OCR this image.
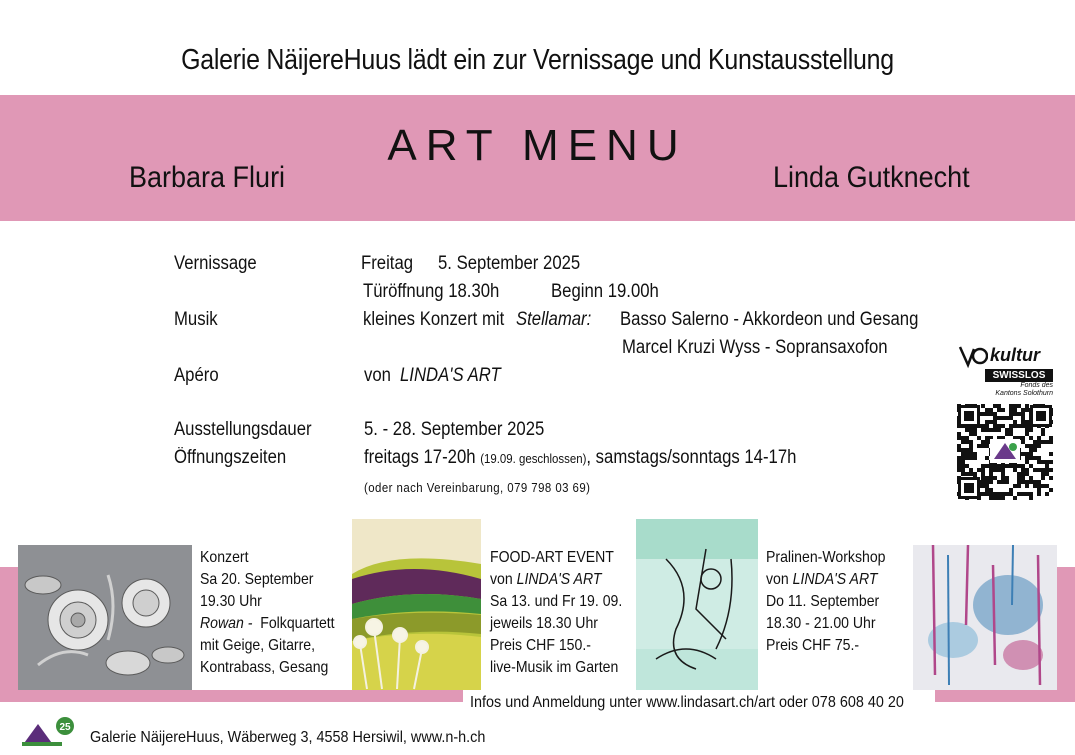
Galerie NäijereHuus lädt ein zur Vernissage und Kunstausstellung
ART MENU
Barbara Fluri	Linda Gutknecht
Vernissage	Freitag 5. September 2025
Türöffnung 18.30h	Beginn 19.00h
Musik	kleines Konzert mit Stellamar: Basso Salerno - Akkordeon und Gesang
Marcel Kruzi Wyss - Sopransaxofon
Apéro	von LINDA'S ART
Ausstellungsdauer	5. - 28. September 2025
Öffnungszeiten	freitags 17-20h (19.09. geschlossen), samstags/sonntags 14-17h
(oder nach Vereinbarung, 079 798 03 69)
kultur
SWISSLOS
Fonds des
Kantons Solothurn
Konzert
Sa 20. September
19.30 Uhr
Rowan - Folkquartett
mit Geige, Gitarre,
Kontrabass, Gesang
FOOD-ART EVENT
von LINDA'S ART
Sa 13. und Fr 19. 09.
jeweils 18.30 Uhr
Preis CHF 150.-
live-Musik im Garten
Pralinen-Workshop
von LINDA'S ART
Do 11. September
18.30 - 21.00 Uhr
Preis CHF 75.-
Infos und Anmeldung unter www.lindasart.ch/art oder 078 608 40 20
25
Galerie NäijereHuus, Wäberweg 3, 4558 Hersiwil, www.n-h.ch
